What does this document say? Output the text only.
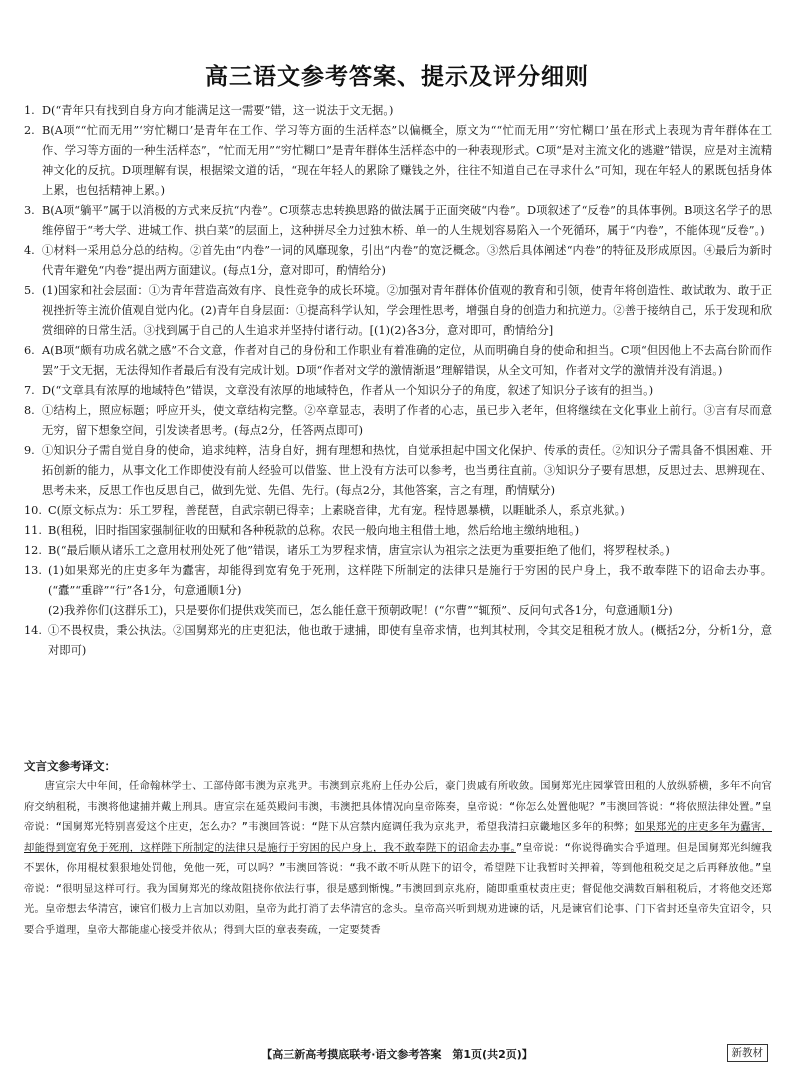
高三语文参考答案、提示及评分细则
1. D(“青年只有找到自身方向才能满足这一需要”错，这一说法于文无据。)
2. B(A项““忙而无用”‘穷忙糊口’是青年在工作、学习等方面的生活样态”以偏概全，原文为““忙而无用”‘穷忙糊口’虽在形式上表现为青年群体在工作、学习等方面的一种生活样态”，“忙而无用”“穷忙糊口”是青年群体生活样态中的一种表现形式。C项“是对主流文化的逃避”错误，应是对主流精神文化的反抗。D项理解有误，根据梁文道的话，“现在年轻人的累除了赚钱之外，往往不知道自己在寻求什么”可知，现在年轻人的累既包括身体上累，也包括精神上累。)
3. B(A项“躺平”属于以消极的方式来反抗“内卷”。C项蔡志忠转换思路的做法属于正面突破“内卷”。D项叙述了“反卷”的具体事例。B项这名学子的思维停留于“考大学、进城工作、拱白菜”的层面上，这种拼尽全力过独木桥、单一的人生规划容易陷入一个死循环，属于“内卷”，不能体现“反卷”。)
4. ①材料一采用总分总的结构。②首先由“内卷”一词的风靡现象，引出“内卷”的宽泛概念。③然后具体阐述“内卷”的特征及形成原因。④最后为新时代青年避免“内卷”提出两方面建议。(每点1分，意对即可，酌情给分)
5. (1)国家和社会层面：①为青年营造高效有序、良性竞争的成长环境。②加强对青年群体价值观的教育和引领，使青年将创造性、敢试敢为、敢于正视挫折等主流价值观自觉内化。(2)青年自身层面：①提高科学认知，学会理性思考，增强自身的创造力和抗逆力。②善于接纳自己，乐于发现和欣赏细碎的日常生活。③找到属于自己的人生追求并坚持付诸行动。[(1)(2)各3分，意对即可，酌情给分]
6. A(B项“颇有功成名就之感”不合文意，作者对自己的身份和工作职业有着准确的定位，从而明确自身的使命和担当。C项“但因他上不去高台阶而作罢”于文无据，无法得知作者最后有没有完成计划。D项“作者对文学的激情渐退”理解错误，从全文可知，作者对文学的激情并没有消退。)
7. D(“文章具有浓厚的地域特色”错误，文章没有浓厚的地域特色，作者从一个知识分子的角度，叙述了知识分子该有的担当。)
8. ①结构上，照应标题；呼应开头，使文章结构完整。②卒章显志，表明了作者的心志，虽已步入老年，但将继续在文化事业上前行。③言有尽而意无穷，留下想象空间，引发读者思考。(每点2分，任答两点即可)
9. ①知识分子需自觉自身的使命，追求纯粹，洁身自好，拥有理想和热忱，自觉承担起中国文化保护、传承的责任。②知识分子需具备不惧困难、开拓创新的能力，从事文化工作即使没有前人经验可以借鉴、世上没有方法可以参考，也当勇往直前。③知识分子要有思想，反思过去、思辨现在、思考未来，反思工作也反思自己，做到先觉、先倡、先行。(每点2分，其他答案，言之有理，酌情赋分)
10. C(原文标点为：乐工罗程，善琵琶，自武宗朝已得幸；上素晓音律，尤有宠。程恃恩暴横，以睚眦杀人，系京兆狱。)
11. B(租税，旧时指国家强制征收的田赋和各种税款的总称。农民一般向地主租借土地，然后给地主缴纳地租。)
12. B(“最后顺从诸乐工之意用杖刑处死了他”错误，诸乐工为罗程求情，唐宣宗认为祖宗之法更为重要拒绝了他们，将罗程杖杀。)
13. (1)如果郑光的庄吏多年为蠹害，却能得到宽宥免于死刑，这样陛下所制定的法律只是施行于穷困的民户身上，我不敢奉陛下的诏命去办事。(“蠹”“重辟”“行”各1分，句意通顺1分)
(2)我养你们(这群乐工)，只是要你们提供戏笑而已，怎么能任意干预朝政呢！(“尔曹”“辄预”、反问句式各1分，句意通顺1分)
14. ①不畏权贵，秉公执法。②国舅郑光的庄吏犯法，他也敢于逮捕，即使有皇帝求情，也判其杖刑，令其交足租税才放人。(概括2分，分析1分，意对即可)
文言文参考译文：
唐宣宗大中年间，任命翰林学士、工部侍郎韦澳为京兆尹。韦澳到京兆府上任办公后，豪门贵戚有所收敛。国舅郑光庄园掌管田租的人放纵骄横，多年不向官府交纳租税，韦澳将他逮捕并戴上刑具。唐宣宗在延英殿问韦澳，韦澳把具体情况向皇帝陈奏，皇帝说：“你怎么处置他呢？”韦澳回答说：“将依照法律处置。”皇帝说：“国舅郑光特别喜爱这个庄吏，怎么办？”韦澳回答说：“陛下从宫禁内庭调任我为京兆尹，希望我清扫京畿地区多年的积弊；如果郑光的庄吏多年为蠹害，却能得到宽宥免于死刑，这样陛下所制定的法律只是施行于穷困的民户身上，我不敢奉陛下的诏命去办事。”皇帝说：“你说得确实合乎道理。但是国舅郑光纠缠我不罢休，你用棍杖狠狠地处罚他，免他一死，可以吗？”韦澳回答说：“我不敢不听从陛下的诏令，希望陛下让我暂时关押着，等到他租税交足之后再释放他。”皇帝说：“很明显这样可行。我为国舅郑光的缘故阻挠你依法行事，很是感到惭愧。”韦澳回到京兆府，随即重重杖责庄吏；督促他交满数百斛租税后，才将他交还郑光。皇帝想去华清宫，谏官们极力上言加以劝阻，皇帝为此打消了去华清宫的念头。皇帝高兴听到规劝进谏的话，凡是谏官们论事、门下省封还皇帝失宜诏令，只要合乎道理，皇帝大都能虚心接受并依从；得到大臣的章表奏疏，一定要焚香
【高三新高考摸底联考·语文参考答案　第1页(共2页)】	新教材
